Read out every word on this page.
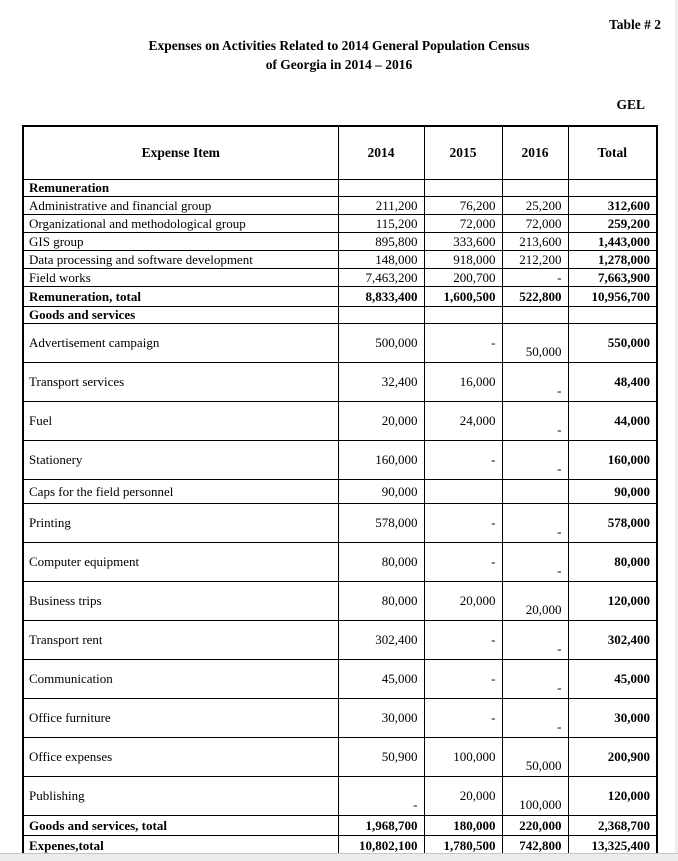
Table # 2
Expenses on Activities Related to 2014 General Population Census
of Georgia in 2014 – 2016
GEL
Expense Item	2014	2015	2016	Total
Remuneration				
Administrative and financial group	211,200	76,200	25,200	312,600
Organizational and methodological group	115,200	72,000	72,000	259,200
GIS group	895,800	333,600	213,600	1,443,000
Data processing and software development	148,000	918,000	212,200	1,278,000
Field works	7,463,200	200,700	-	7,663,900
Remuneration, total	8,833,400	1,600,500	522,800	10,956,700
Goods and services				
Advertisement campaign	500,000	-	50,000	550,000
Transport services	32,400	16,000	-	48,400
Fuel	20,000	24,000	-	44,000
Stationery	160,000	-	-	160,000
Caps for the field personnel	90,000			90,000
Printing	578,000	-	-	578,000
Computer equipment	80,000	-	-	80,000
Business trips	80,000	20,000	20,000	120,000
Transport rent	302,400	-	-	302,400
Communication	45,000	-	-	45,000
Office furniture	30,000	-	-	30,000
Office expenses	50,900	100,000	50,000	200,900
Publishing	-	20,000	100,000	120,000
Goods and services, total	1,968,700	180,000	220,000	2,368,700
Expenes,total	10,802,100	1,780,500	742,800	13,325,400
